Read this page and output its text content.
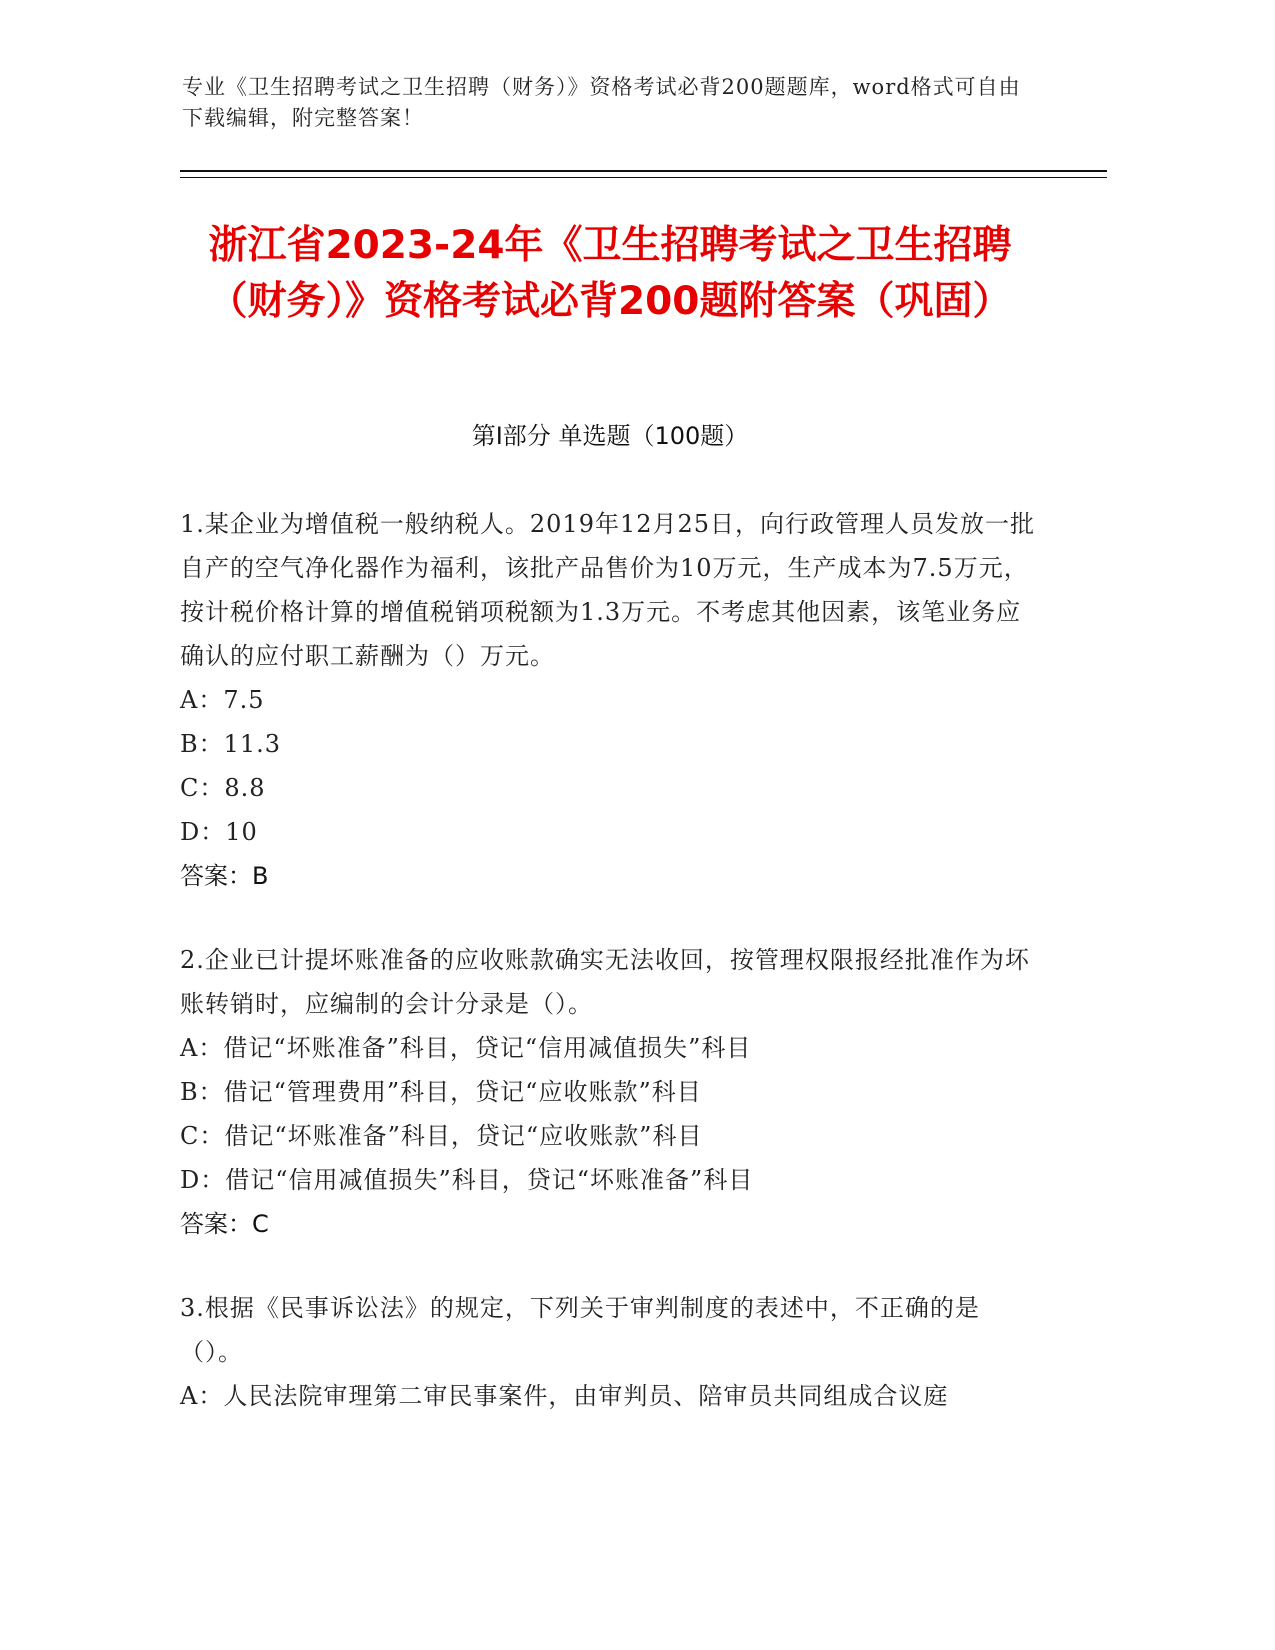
专业《卫生招聘考试之卫生招聘（财务）》资格考试必背200题题库，word格式可自由下载编辑，附完整答案！
浙江省2023-24年《卫生招聘考试之卫生招聘（财务）》资格考试必背200题附答案（巩固）
第I部分 单选题（100题）
1.某企业为增值税一般纳税人。2019年12月25日，向行政管理人员发放一批自产的空气净化器作为福利，该批产品售价为10万元，生产成本为7.5万元，按计税价格计算的增值税销项税额为1.3万元。不考虑其他因素，该笔业务应确认的应付职工薪酬为（）万元。
A：7.5
B：11.3
C：8.8
D：10
答案：B
2.企业已计提坏账准备的应收账款确实无法收回，按管理权限报经批准作为坏账转销时，应编制的会计分录是（）。
A：借记“坏账准备”科目，贷记“信用减值损失”科目
B：借记“管理费用”科目，贷记“应收账款”科目
C：借记“坏账准备”科目，贷记“应收账款”科目
D：借记“信用减值损失”科目，贷记“坏账准备”科目
答案：C
3.根据《民事诉讼法》的规定，下列关于审判制度的表述中，不正确的是（）。
A：人民法院审理第二审民事案件，由审判员、陪审员共同组成合议庭
